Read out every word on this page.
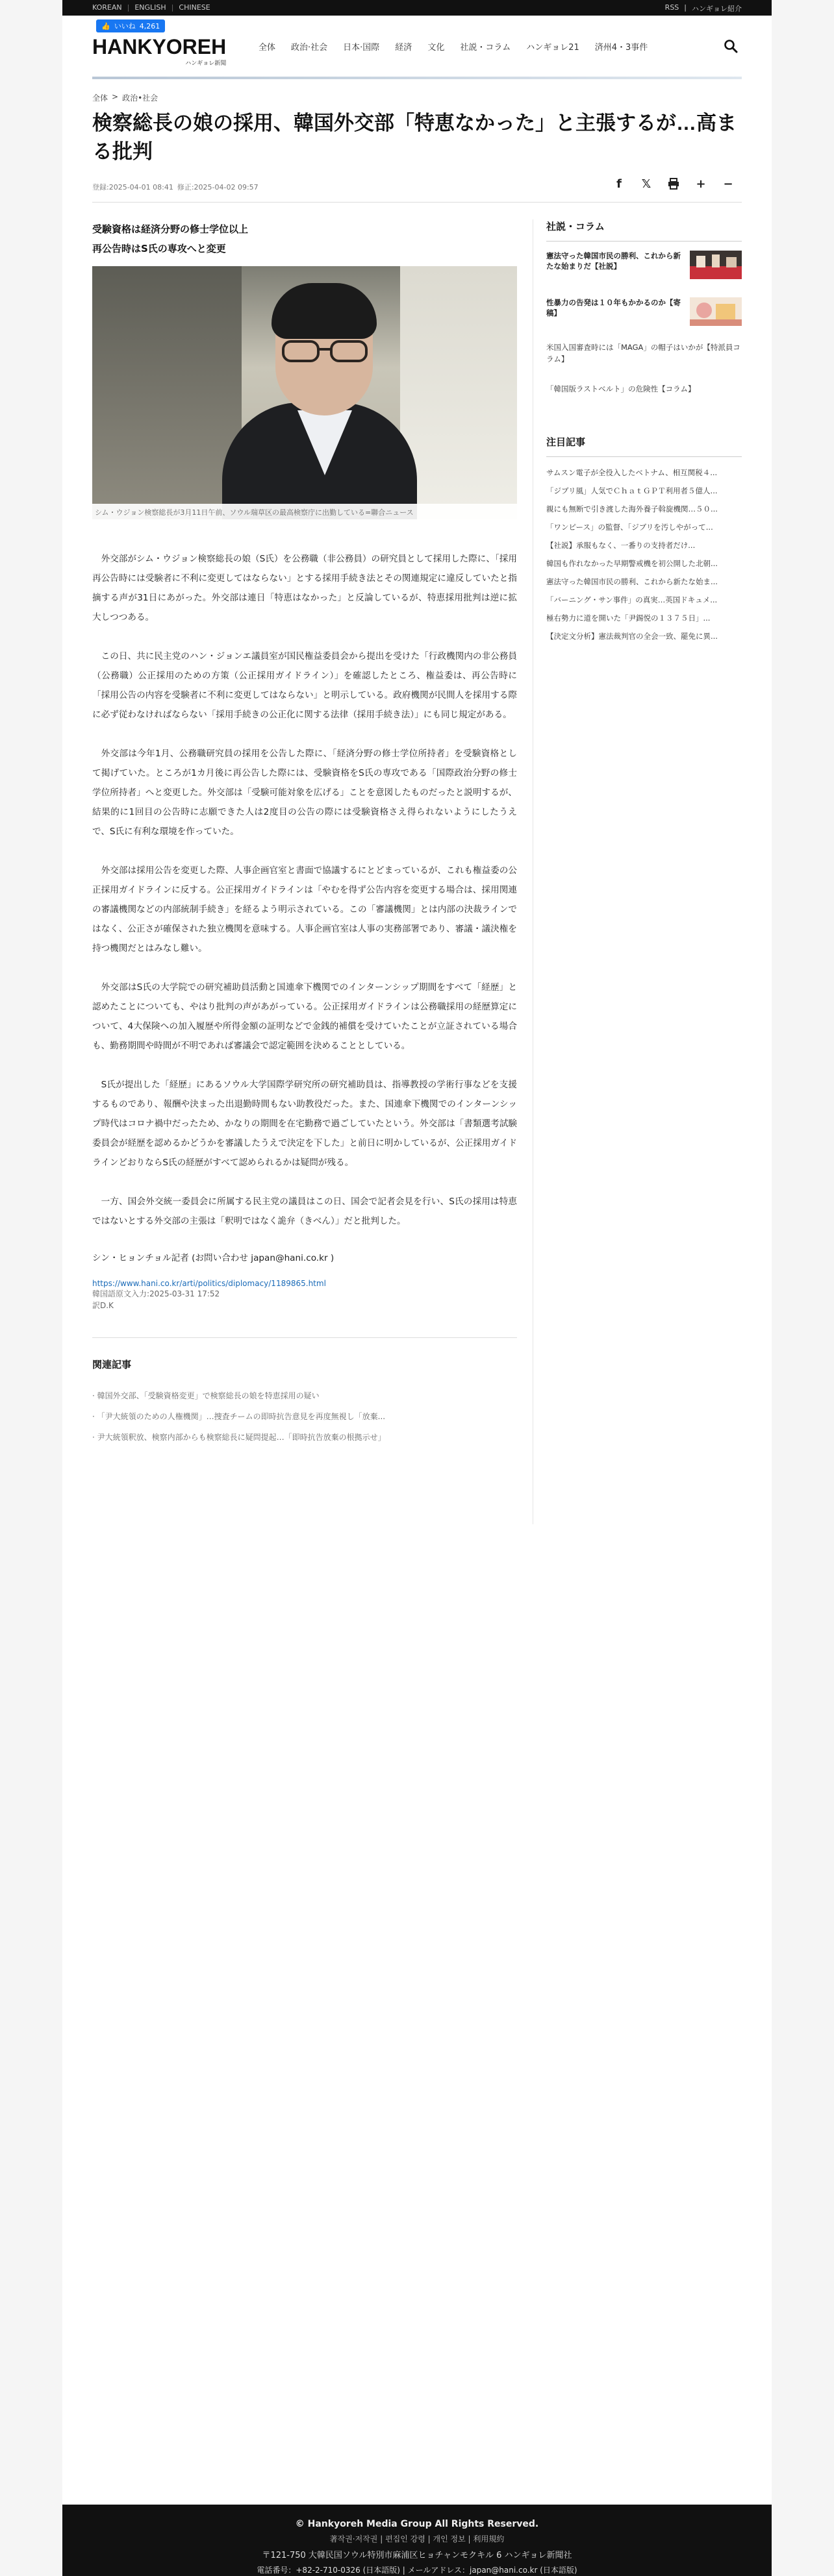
KOREAN | ENGLISH | CHINESE	RSS | ハンギョレ紹介
👍 いいね 4,261
HANKYOREH
ハンギョレ新聞
全体	政治·社会	日本·国際	経済	文化	社説・コラム	ハンギョレ21	済州4・3事件
全体 > 政治•社会
検察総長の娘の採用、韓国外交部「特恵なかった」と主張するが…高まる批判
登録:2025-04-01 08:41 修正:2025-04-02 09:57	f	𝕏	+ −
受験資格は経済分野の修士学位以上
再公告時はS氏の専攻へと変更
シム・ウジョン検察総長が3月11日午前、ソウル瑞草区の最高検察庁に出勤している=聯合ニュース

外交部がシム・ウジョン検察総長の娘（S氏）を公務職（非公務員）の研究員として採用した際に、「採用再公告時には受験者に不利に変更してはならない」とする採用手続き法とその関連規定に違反していたと指摘する声が31日にあがった。外交部は連日「特恵はなかった」と反論しているが、特恵採用批判は逆に拡大しつつある。

この日、共に民主党のハン・ジョンエ議員室が国民権益委員会から提出を受けた「行政機関内の非公務員（公務職）公正採用のための方策（公正採用ガイドライン）」を確認したところ、権益委は、再公告時に「採用公告の内容を受験者に不利に変更してはならない」と明示している。政府機関が民間人を採用する際に必ず従わなければならない「採用手続きの公正化に関する法律（採用手続き法）」にも同じ規定がある。

外交部は今年1月、公務職研究員の採用を公告した際に、「経済分野の修士学位所持者」を受験資格として掲げていた。ところが1カ月後に再公告した際には、受験資格をS氏の専攻である「国際政治分野の修士学位所持者」へと変更した。外交部は「受験可能対象を広げる」ことを意図したものだったと説明するが、結果的に1回目の公告時に志願できた人は2度目の公告の際には受験資格さえ得られないようにしたうえで、S氏に有利な環境を作っていた。

外交部は採用公告を変更した際、人事企画官室と書面で協議するにとどまっているが、これも権益委の公正採用ガイドラインに反する。公正採用ガイドラインは「やむを得ず公告内容を変更する場合は、採用関連の審議機関などの内部統制手続き」を経るよう明示されている。この「審議機関」とは内部の決裁ラインではなく、公正さが確保された独立機関を意味する。人事企画官室は人事の実務部署であり、審議・議決権を持つ機関だとはみなし難い。

外交部はS氏の大学院での研究補助員活動と国連傘下機関でのインターンシップ期間をすべて「経歴」と認めたことについても、やはり批判の声があがっている。公正採用ガイドラインは公務職採用の経歴算定について、4大保険への加入履歴や所得金額の証明などで金銭的補償を受けていたことが立証されている場合も、勤務期間や時間が不明であれば審議会で認定範囲を決めることとしている。

S氏が提出した「経歴」にあるソウル大学国際学研究所の研究補助員は、指導教授の学術行事などを支援するものであり、報酬や決まった出退勤時間もない助教役だった。また、国連傘下機関でのインターンシップ時代はコロナ禍中だったため、かなりの期間を在宅勤務で過ごしていたという。外交部は「書類選考試験委員会が経歴を認めるかどうかを審議したうえで決定を下した」と前日に明かしているが、公正採用ガイドラインどおりならS氏の経歴がすべて認められるかは疑問が残る。

一方、国会外交統一委員会に所属する民主党の議員はこの日、国会で記者会見を行い、S氏の採用は特恵ではないとする外交部の主張は「釈明ではなく詭弁（きべん）」だと批判した。

シン・ヒョンチョル記者 (お問い合わせ japan@hani.co.kr )
https://www.hani.co.kr/arti/politics/diplomacy/1189865.html
韓国語原文入力:2025-03-31 17:52
訳D.K
関連記事
· 韓国外交部、「受験資格変更」で検察総長の娘を特恵採用の疑い
· 「尹大統領のための人権機関」…捜査チームの即時抗告意見を再度無視し「放棄...
· 尹大統領釈放、検察内部からも検察総長に疑問提起…「即時抗告放棄の根拠示せ」
社説・コラム
憲法守った韓国市民の勝利、これから新たな始まりだ【社説】
性暴力の告発は１０年もかかるのか【寄稿】
米国入国審査時には「MAGA」の帽子はいかが【特派員コラム】
「韓国版ラストベルト」の危険性【コラム】
注目記事
サムスン電子が全役入したベトナム、相互関税４...
「ジブリ風」人気でＣｈａｔＧＰＴ利用者５億人...
親にも無断で引き渡した海外養子斡旋機関…５０...
「ワンピース」の監督、「ジブリを汚しやがって...
【社説】承服もなく、一番りの支持者だけ...
韓国も作れなかった早期警戒機を初公開した北朝...
憲法守った韓国市民の勝利、これから新たな始ま...
「バーニング・サン事件」の真実…英国ドキュメ...
極右勢力に道を開いた「尹錫悦の１３７５日」...
【決定文分析】憲法裁判官の全会一致、罷免に異...
© Hankyoreh Media Group All Rights Reserved.
著작권·저작권 | 편집인 강령 | 개인 정보 | 利用規約
〒121-750 大韓民国ソウル特別市麻浦区ヒョチャンモクキル 6 ハンギョレ新聞社
電話番号：+82-2-710-0326 (日本語版) | メールアドレス：japan@hani.co.kr (日本語版)
